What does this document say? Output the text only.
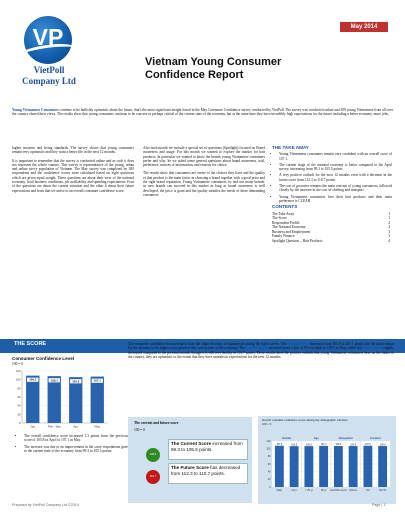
VP
VietPoll
Company Ltd
May 2014
Vietnam Young Consumer Confidence Report
Young Vietnamese Consumers continue to be bullishly optimistic about the future, that's the most significant insight found in the May Consumer Confidence survey conducted by VietPoll. The survey was conducted online and 300 young Vietnamese from all over the country shared their views. The results show that young consumers continue to be concern or perhaps critical of the current state of the economy, but at the same time they have incredibly high expectations for the future including a better economy, more jobs,

higher incomes and living standards. The survey shows that young consumers remain very optimistic and they want a better life in the next 12 months.

It is important to remember that the survey is conducted online and as such it does not represent the whole country. This survey is representative of the young, urban and online savvy population of Vietnam. The May survey was completed by 300 respondents and the confidence scores were calculated based on eight questions which are given equal weight. These questions are about their view of the national economy, local business conditions, job availability and spending expectations. Four of the questions are about the current situation and the other 4 about their future expectations and from that we arrive to an overall consumer confidence score.

Also each month we include a special set of questions (Spotlight) focused on Brand awareness and usage. For this month we wanted to explore the market for hair products. In particular we wanted to know the brands young Vietnamese consumers prefer and why. So we asked some general questions about brand awareness, trial, preference, sources of information, and reasons for choice.

The results show that consumers are aware of the choices they have and the quality of that product is the main factor in choosing a brand together with a good price and the right brand reputation. Young Vietnamese consumers try and use many brands, so new brands can succeed in this market as long as brand awareness is well developed, the price is good and the quality satisfies the needs of these demanding consumers.

THE TAKE AWAY
• Young Vietnamese consumers remain very confident with an overall score of 107.1.
• The current stage of the national economy is better compared to the April survey, increasing from 99.3 to 105.5 points.
• A very positive outlook for the next 12 months even with a decrease in the future score from 112.3 to 110.7 points.
• The cost of groceries remains the main concern of young consumers, followed closely by the increase in the cost of clothing and transport.
• Young Vietnamese consumers love their hair products and their main preference is CLEAR.
CONTENTS
The Take Away	1
The Score	1
Respondent Profile	2
The National Economy	2
Business and Employment	3
Family Finance	3
Spotlight Question – Hair Products	4
THE SCORE	The consumer confidence bounced back from the slight decrease it experienced during the April survey. The Overall Score increased from 105.8 to 107.1 points and the main reason for the increase is the higher score given to the current state of the economy. The Current Score increased from a low of 99.3 in April to 105.5 in May, while the Future Score slightly decreased compared to the previous month, though it is still very healthy at 110.7 points. These results show the positive outlook that young Vietnamese consumers have on the future of the country, they are optimistic to the extent that they have unrealistic expectations for the next 12 months.
Consumer Confidence Level
100 = 0
0
20
40
60
80
100
120
109.3
Jan
108.1
Feb - Mar
105.8
Apr
107.1
May
• The overall confidence score increased 1.3 points from the previous score of 105.8 in April to 107.1 in May.
• The increase was due to an improvement in the score respondents gave to the current state of the economy from 99.3 to 105.5 points.
The current and future score
100 = 0
105.5
110.7
The Current Score increased from 99.3 to 105.5 points.
The Future Score has decreased from 112.3 to 110.7 points.
Overall consumer confidence scores among key demographic variables
100 = 0
0
20
40
60
80
100
120
107.6
Male
106.5
Fem
106.6
< 25 yr
107.3
25 yr
106.9
Govt/Non-Govt
106.8
Others
107.6
Uni
106.8
Ha Hin
Gender	Age	Occupation	Location
Prepared by VietPoll Company Ltd ©2014	Page | 1
